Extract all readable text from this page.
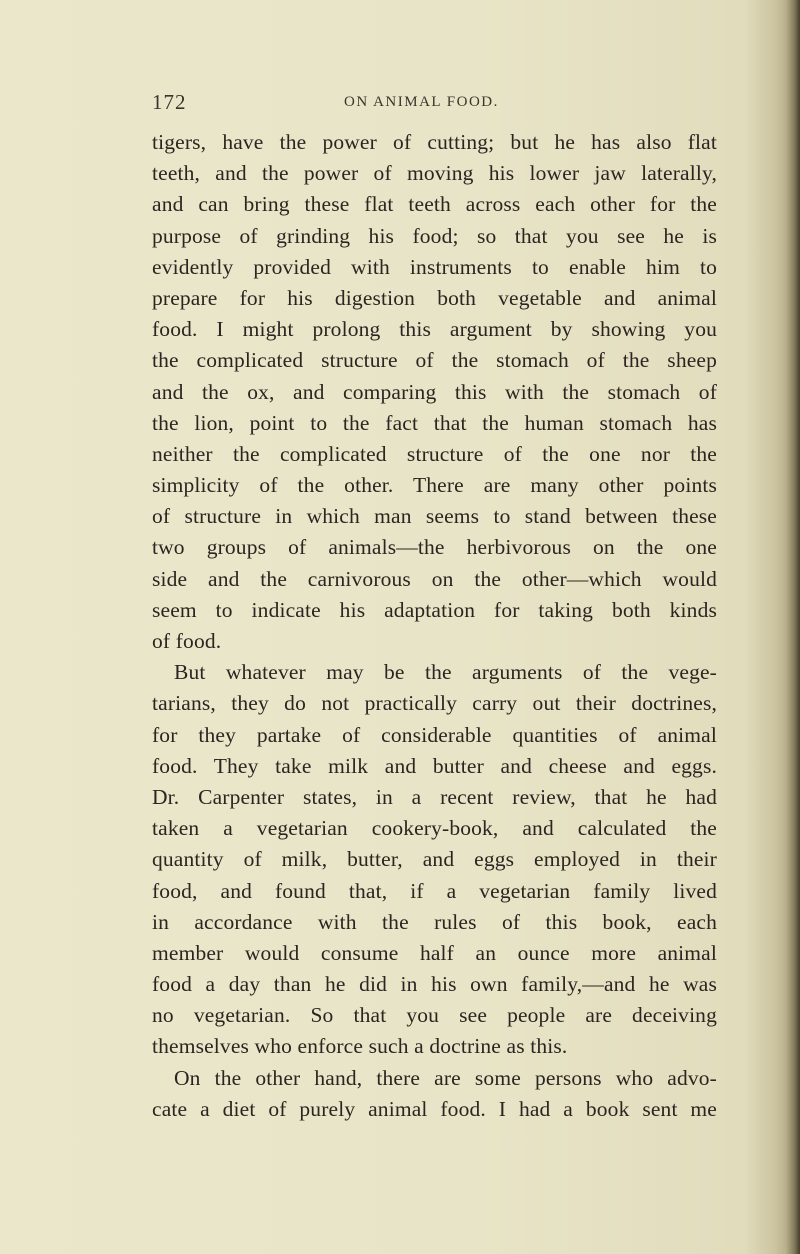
172	ON ANIMAL FOOD.
tigers, have the power of cutting; but he has also flat
teeth, and the power of moving his lower jaw laterally,
and can bring these flat teeth across each other for the
purpose of grinding his food; so that you see he is
evidently provided with instruments to enable him to
prepare for his digestion both vegetable and animal
food. I might prolong this argument by showing you
the complicated structure of the stomach of the sheep
and the ox, and comparing this with the stomach of
the lion, point to the fact that the human stomach has
neither the complicated structure of the one nor the
simplicity of the other. There are many other points
of structure in which man seems to stand between these
two groups of animals—the herbivorous on the one
side and the carnivorous on the other—which would
seem to indicate his adaptation for taking both kinds
of food.
But whatever may be the arguments of the vege-
tarians, they do not practically carry out their doctrines,
for they partake of considerable quantities of animal
food. They take milk and butter and cheese and eggs.
Dr. Carpenter states, in a recent review, that he had
taken a vegetarian cookery-book, and calculated the
quantity of milk, butter, and eggs employed in their
food, and found that, if a vegetarian family lived
in accordance with the rules of this book, each
member would consume half an ounce more animal
food a day than he did in his own family,—and he was
no vegetarian. So that you see people are deceiving
themselves who enforce such a doctrine as this.
On the other hand, there are some persons who advo-
cate a diet of purely animal food. I had a book sent me
